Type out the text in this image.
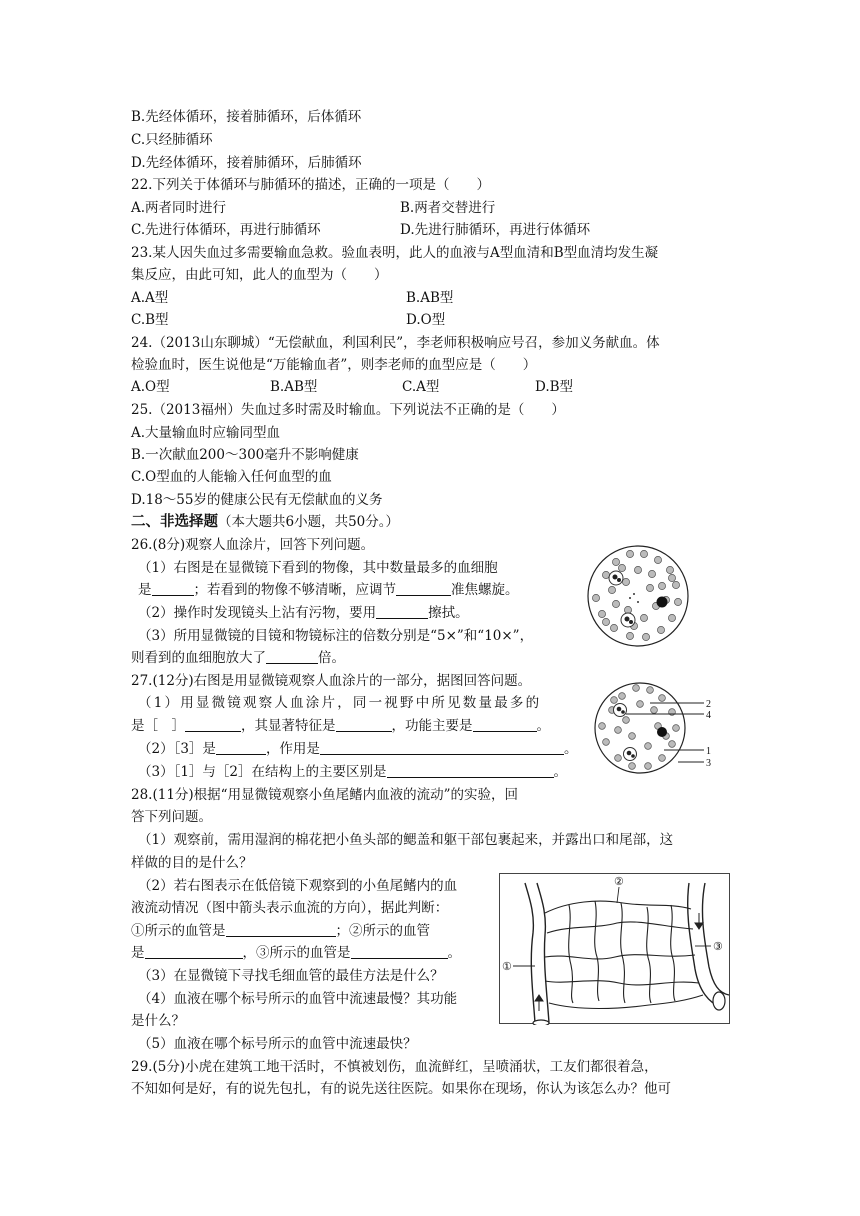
B.先经体循环，接着肺循环，后体循环
C.只经肺循环
D.先经体循环，接着肺循环，后肺循环
22.下列关于体循环与肺循环的描述，正确的一项是（　　）
A.两者同时进行	B.两者交替进行
C.先进行体循环，再进行肺循环	D.先进行肺循环，再进行体循环
23.某人因失血过多需要输血急救。验血表明，此人的血液与A型血清和B型血清均发生凝
集反应，由此可知，此人的血型为（　　）
A.A型	B.AB型
C.B型	D.O型
24.（2013山东聊城）“无偿献血，利国利民”，李老师积极响应号召，参加义务献血。体
检验血时，医生说他是“万能输血者”，则李老师的血型应是（　　）
A.O型	B.AB型	C.A型	D.B型
25.（2013福州）失血过多时需及时输血。下列说法不正确的是（　　）
A.大量输血时应输同型血
B.一次献血200～300毫升不影响健康
C.O型血的人能输入任何血型的血
D.18～55岁的健康公民有无偿献血的义务
二、非选择题（本大题共6小题，共50分。）
26.(8分)观察人血涂片，回答下列问题。
（1）右图是在显微镜下看到的物像，其中数量最多的血细胞
是	；若看到的物像不够清晰，应调节	准焦螺旋。
（2）操作时发现镜头上沾有污物，要用	擦拭。
（3）所用显微镜的目镜和物镜标注的倍数分别是“5×”和“10×”，
则看到的血细胞放大了	倍。
27.(12分)右图是用显微镜观察人血涂片的一部分，据图回答问题。
（1）用显微镜观察人血涂片，同一视野中所见数量最多的
是［　］	，其显著特征是	，功能主要是	。
（2）［3］是	，作用是	。
（3）［1］与［2］在结构上的主要区别是	。
2
4
1
3
28.(11分)根据“用显微镜观察小鱼尾鳍内血液的流动”的实验，回
答下列问题。
（1）观察前，需用湿润的棉花把小鱼头部的鳃盖和躯干部包裹起来，并露出口和尾部，这
样做的目的是什么？
（2）若右图表示在低倍镜下观察到的小鱼尾鳍内的血
液流动情况（图中箭头表示血流的方向），据此判断：
①所示的血管是	；②所示的血管
是	，③所示的血管是	。
（3）在显微镜下寻找毛细血管的最佳方法是什么？
（4）血液在哪个标号所示的血管中流速最慢？其功能
是什么？
（5）血液在哪个标号所示的血管中流速最快？
②
①
③
29.(5分)小虎在建筑工地干活时，不慎被划伤，血流鲜红，呈喷涌状，工友们都很着急，
不知如何是好，有的说先包扎，有的说先送往医院。如果你在现场，你认为该怎么办？他可
